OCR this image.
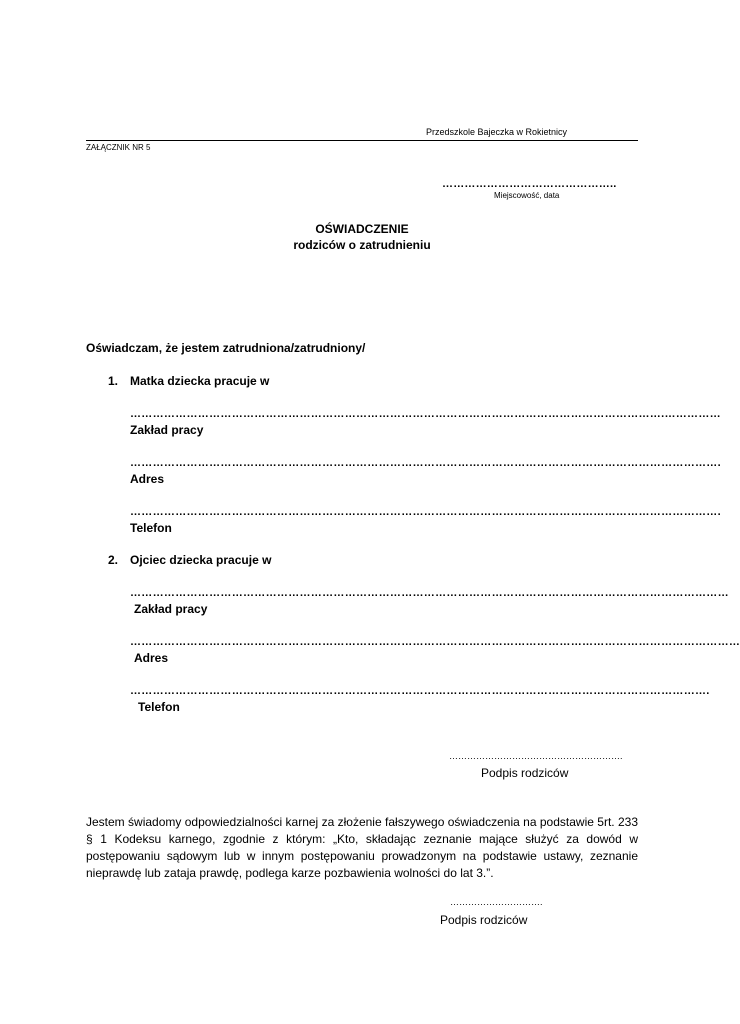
Przedszkole Bajeczka w Rokietnicy
ZAŁĄCZNIK NR 5
………………………………………..
Miejscowość, data
OŚWIADCZENIE
rodziców o zatrudnieniu
Oświadczam, że jestem zatrudniona/zatrudniony/
1. Matka dziecka pracuje w
…………………………………………………………………………………………………………………………….……………
Zakład pracy
………………………………………………………………………………………………………………………………………….
Adres
………………………………………………………………………………………………………………………………………….
Telefon
2. Ojciec dziecka pracuje w
……………………………………………………………………………………………………………………………………………
Zakład pracy
………………………………………………………………………………………………………………………………………………
Adres
……………………………………………………………………………………………………………………………………….
Telefon
………………………………………………….
Podpis rodziców
Jestem świadomy odpowiedzialności karnej za złożenie fałszywego oświadczenia na podstawie 5rt. 233 § 1 Kodeksu karnego, zgodnie z którym: „Kto, składając zeznanie mające służyć za dowód w postępowaniu sądowym lub w innym postępowaniu prowadzonym na podstawie ustawy, zeznanie nieprawdę lub zataja prawdę, podlega karze pozbawienia wolności do lat 3.”.
………………………….
Podpis rodziców
